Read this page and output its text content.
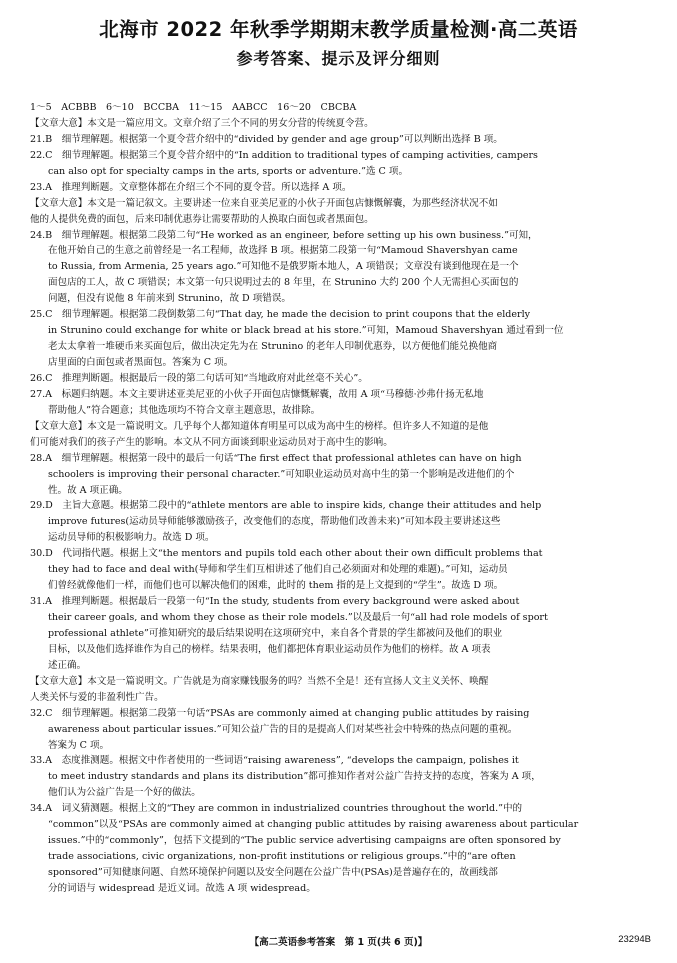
北海市 2022 年秋季学期期末教学质量检测·高二英语
参考答案、提示及评分细则
1～5　ACBBB　6～10　BCCBA　11～15　AABCC　16～20　CBCBA
【文章大意】本文是一篇应用文。文章介绍了三个不同的男女分营的传统夏令营。
21.B　细节理解题。根据第一个夏令营介绍中的“divided by gender and age group”可以判断出选择 B 项。
22.C　细节理解题。根据第三个夏令营介绍中的“In addition to traditional types of camping activities, campers
can also opt for specialty camps in the arts, sports or adventure.”选 C 项。
23.A　推理判断题。文章整体都在介绍三个不同的夏令营。所以选择 A 项。
【文章大意】本文是一篇记叙文。主要讲述一位来自亚美尼亚的小伙子开面包店慷慨解囊，为那些经济状况不如
他的人提供免费的面包，后来印制优惠券让需要帮助的人换取白面包或者黑面包。
24.B　细节理解题。根据第二段第二句“He worked as an engineer, before setting up his own business.”可知，
在他开始自己的生意之前曾经是一名工程师，故选择 B 项。根据第二段第一句“Mamoud Shavershyan came
to Russia, from Armenia, 25 years ago.”可知他不是俄罗斯本地人，A 项错误；文章没有谈到他现在是一个
面包店的工人，故 C 项错误；本文第一句只说明过去的 8 年里，在 Strunino 大约 200 个人无需担心买面包的
问题，但没有说他 8 年前来到 Strunino，故 D 项错误。
25.C　细节理解题。根据第二段倒数第二句“That day, he made the decision to print coupons that the elderly
in Strunino could exchange for white or black bread at his store.”可知，Mamoud Shavershyan 通过看到一位
老太太拿着一堆硬币来买面包后，做出决定先为在 Strunino 的老年人印制优惠券，以方便他们能兑换他商
店里面的白面包或者黑面包。答案为 C 项。
26.C　推理判断题。根据最后一段的第二句话可知“当地政府对此丝毫不关心”。
27.A　标题归纳题。本文主要讲述亚美尼亚的小伙子开面包店慷慨解囊，故用 A 项“马穆德·沙弗什扬无私地
帮助他人”符合题意；其他选项均不符合文章主题意思，故排除。
【文章大意】本文是一篇说明文。几乎每个人都知道体育明星可以成为高中生的榜样。但许多人不知道的是他
们可能对我们的孩子产生的影响。本文从不同方面谈到职业运动员对于高中生的影响。
28.A　细节理解题。根据第一段中的最后一句话“The first effect that professional athletes can have on high
schoolers is improving their personal character.”可知职业运动员对高中生的第一个影响是改进他们的个
性。故 A 项正确。
29.D　主旨大意题。根据第二段中的“athlete mentors are able to inspire kids, change their attitudes and help
improve futures(运动员导师能够激励孩子，改变他们的态度，帮助他们改善未来)”可知本段主要讲述这些
运动员导师的积极影响力。故选 D 项。
30.D　代词指代题。根据上文“the mentors and pupils told each other about their own difficult problems that
they had to face and deal with(导师和学生们互相讲述了他们自己必须面对和处理的难题)。”可知，运动员
们曾经就像他们一样，而他们也可以解决他们的困难，此时的 them 指的是上文提到的“学生”。故选 D 项。
31.A　推理判断题。根据最后一段第一句“In the study, students from every background were asked about
their career goals, and whom they chose as their role models.”以及最后一句“all had role models of sport
professional athlete”可推知研究的最后结果说明在这项研究中，来自各个背景的学生都被问及他们的职业
目标，以及他们选择谁作为自己的榜样。结果表明，他们都把体育职业运动员作为他们的榜样。故 A 项表
述正确。
【文章大意】本文是一篇说明文。广告就是为商家赚钱服务的吗？当然不全是！还有宣扬人文主义关怀、唤醒
人类关怀与爱的非盈利性广告。
32.C　细节理解题。根据第二段第一句话“PSAs are commonly aimed at changing public attitudes by raising
awareness about particular issues.”可知公益广告的目的是提高人们对某些社会中特殊的热点问题的重视。
答案为 C 项。
33.A　态度推测题。根据文中作者使用的一些词语“raising awareness”, “develops the campaign, polishes it
to meet industry standards and plans its distribution”都可推知作者对公益广告持支持的态度，答案为 A 项，
他们认为公益广告是一个好的做法。
34.A　词义猜测题。根据上文的“They are common in industrialized countries throughout the world.”中的
“common”以及“PSAs are commonly aimed at changing public attitudes by raising awareness about particular
issues.”中的“commonly”，包括下文提到的“The public service advertising campaigns are often sponsored by
trade associations, civic organizations, non-profit institutions or religious groups.”中的“are often
sponsored”可知健康问题、自然环境保护问题以及安全问题在公益广告中(PSAs)是普遍存在的，故画线部
分的词语与 widespread 是近义词。故选 A 项 widespread。
【高二英语参考答案　第 1 页(共 6 页)】	23294B
